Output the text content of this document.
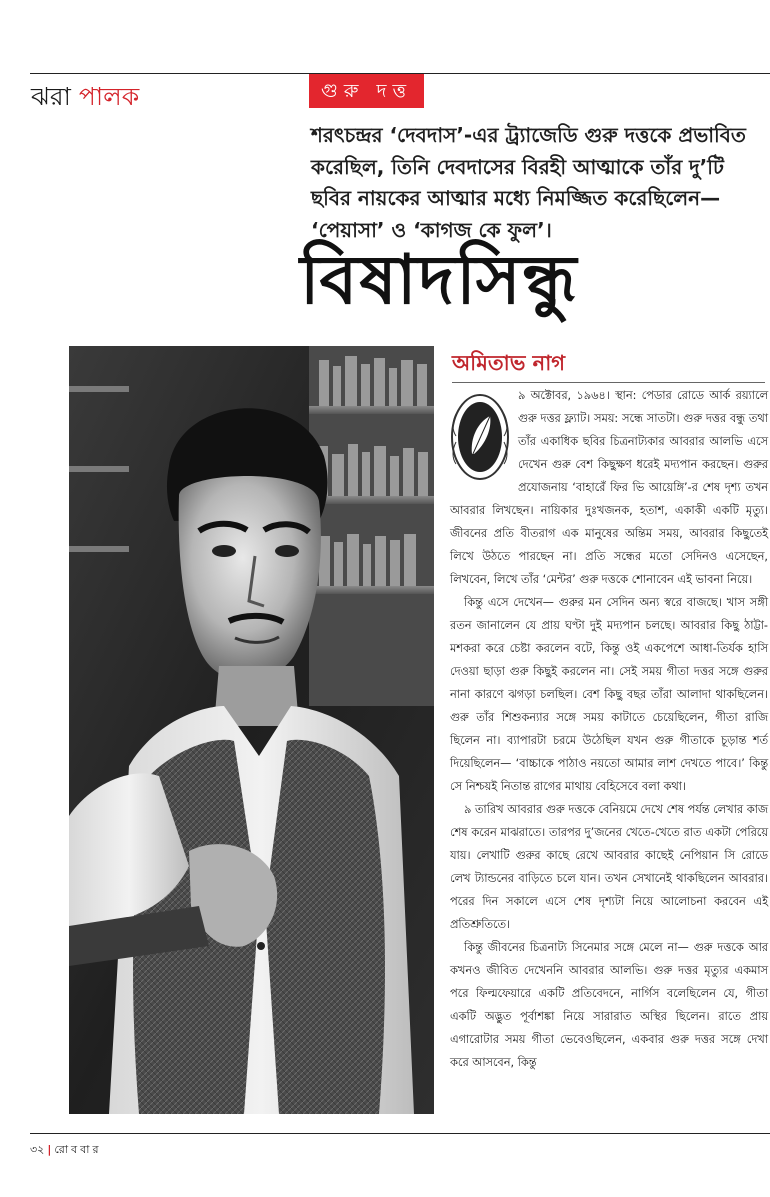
ঝরা পালক	গুরু দত্ত
শরৎচন্দ্রর ‘দেবদাস’-এর ট্র্যাজেডি গুরু দত্তকে প্রভাবিত করেছিল, তিনি দেবদাসের বিরহী আত্মাকে তাঁর দু’টি ছবির নায়কের আত্মার মধ্যে নিমজ্জিত করেছিলেন— ‘পেয়াসা’ ও ‘কাগজ কে ফুল’।
বিষাদসিন্ধু
অমিতাভ নাগ

৯ অক্টোবর, ১৯৬৪। স্থান: পেডার রোডে আর্ক রয়্যালে গুরু দত্তর ফ্ল্যাট। সময়: সন্ধে সাতটা। গুরু দত্তর বন্ধু তথা তাঁর একাধিক ছবির চিত্রনাট্যকার আবরার আলভি এসে দেখেন গুরু বেশ কিছুক্ষণ ধরেই মদ্যপান করছেন। গুরুর প্রযোজনায় ‘বাহারেঁ ফির ভি আয়েঙ্গি’-র শেষ দৃশ্য তখন আবরার লিখছেন। নায়িকার দুঃখজনক, হতাশ, একাকী একটি মৃত্যু। জীবনের প্রতি বীতরাগ এক মানুষের অন্তিম সময়, আবরার কিছুতেই লিখে উঠতে পারছেন না। প্রতি সন্ধের মতো সেদিনও এসেছেন, লিখবেন, লিখে তাঁর ‘মেন্টর’ গুরু দত্তকে শোনাবেন এই ভাবনা নিয়ে।

কিন্তু এসে দেখেন— গুরুর মন সেদিন অন্য স্বরে বাজছে। খাস সঙ্গী রতন জানালেন যে প্রায় ঘণ্টা দুই মদ্যপান চলছে। আবরার কিছু ঠাট্টা-মশকরা করে চেষ্টা করলেন বটে, কিন্তু ওই একপেশে আধা-তির্যক হাসি দেওয়া ছাড়া গুরু কিছুই করলেন না। সেই সময় গীতা দত্তর সঙ্গে গুরুর নানা কারণে ঝগড়া চলছিল। বেশ কিছু বছর তাঁরা আলাদা থাকছিলেন। গুরু তাঁর শিশুকন্যার সঙ্গে সময় কাটাতে চেয়েছিলেন, গীতা রাজি ছিলেন না। ব্যাপারটা চরমে উঠেছিল যখন গুরু গীতাকে চূড়ান্ত শর্ত দিয়েছিলেন— ‘বাচ্চাকে পাঠাও নয়তো আমার লাশ দেখতে পাবে।’ কিন্তু সে নিশ্চয়ই নিতান্ত রাগের মাথায় বেহিসেবে বলা কথা।

৯ তারিখ আবরার গুরু দত্তকে বেনিয়মে দেখে শেষ পর্যন্ত লেখার কাজ শেষ করেন মাঝরাতে। তারপর দু’জনের খেতে-খেতে রাত একটা পেরিয়ে যায়। লেখাটি গুরুর কাছে রেখে আবরার কাছেই নেপিয়ান সি রোডে লেখ ট্যান্ডনের বাড়িতে চলে যান। তখন সেখানেই থাকছিলেন আবরার। পরের দিন সকালে এসে শেষ দৃশ্যটা নিয়ে আলোচনা করবেন এই প্রতিশ্রুতিতে।

কিন্তু জীবনের চিত্রনাট্য সিনেমার সঙ্গে মেলে না— গুরু দত্তকে আর কখনও জীবিত দেখেননি আবরার আলভি। গুরু দত্তর মৃত্যুর একমাস পরে ফিল্মফেয়ারে একটি প্রতিবেদনে, নার্গিস বলেছিলেন যে, গীতা একটি অদ্ভুত পূর্বাশঙ্কা নিয়ে সারারাত অস্থির ছিলেন। রাতে প্রায় এগারোটার সময় গীতা ভেবেওছিলেন, একবার গুরু দত্তর সঙ্গে দেখা করে আসবেন, কিন্তু

৩২ | রোববার
